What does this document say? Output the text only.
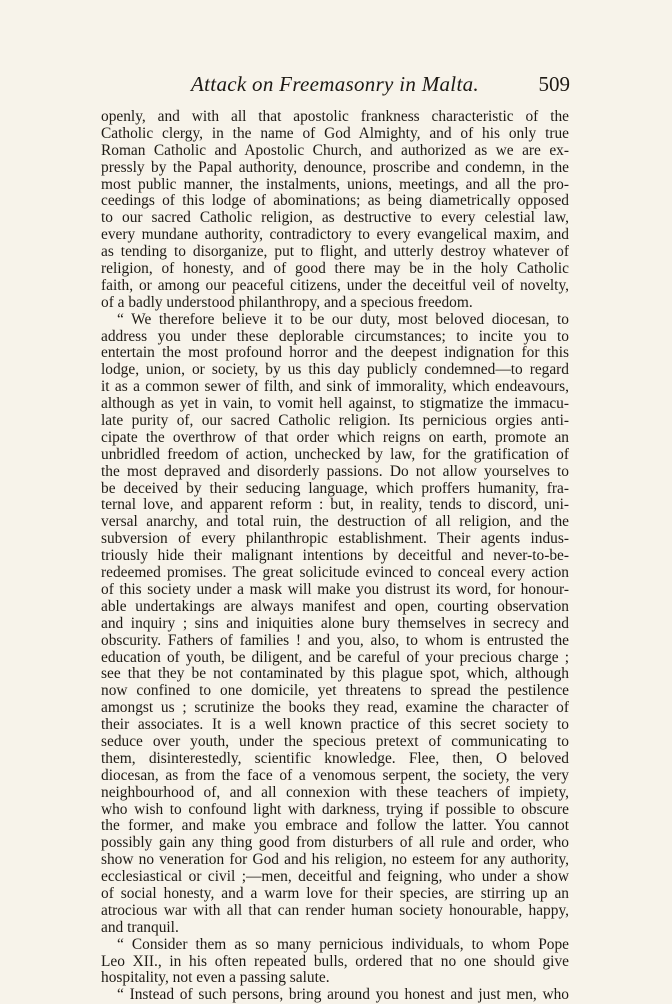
Attack on Freemasonry in Malta.	509
openly, and with all that apostolic frankness characteristic of the
Catholic clergy, in the name of God Almighty, and of his only true
Roman Catholic and Apostolic Church, and authorized as we are ex-
pressly by the Papal authority, denounce, proscribe and condemn, in the
most public manner, the instalments, unions, meetings, and all the pro-
ceedings of this lodge of abominations; as being diametrically opposed
to our sacred Catholic religion, as destructive to every celestial law,
every mundane authority, contradictory to every evangelical maxim, and
as tending to disorganize, put to flight, and utterly destroy whatever of
religion, of honesty, and of good there may be in the holy Catholic
faith, or among our peaceful citizens, under the deceitful veil of novelty,
of a badly understood philanthropy, and a specious freedom.
“ We therefore believe it to be our duty, most beloved diocesan, to
address you under these deplorable circumstances; to incite you to
entertain the most profound horror and the deepest indignation for this
lodge, union, or society, by us this day publicly condemned—to regard
it as a common sewer of filth, and sink of immorality, which endeavours,
although as yet in vain, to vomit hell against, to stigmatize the immacu-
late purity of, our sacred Catholic religion. Its pernicious orgies anti-
cipate the overthrow of that order which reigns on earth, promote an
unbridled freedom of action, unchecked by law, for the gratification of
the most depraved and disorderly passions. Do not allow yourselves to
be deceived by their seducing language, which proffers humanity, fra-
ternal love, and apparent reform : but, in reality, tends to discord, uni-
versal anarchy, and total ruin, the destruction of all religion, and the
subversion of every philanthropic establishment. Their agents indus-
triously hide their malignant intentions by deceitful and never-to-be-
redeemed promises. The great solicitude evinced to conceal every action
of this society under a mask will make you distrust its word, for honour-
able undertakings are always manifest and open, courting observation
and inquiry ; sins and iniquities alone bury themselves in secrecy and
obscurity. Fathers of families ! and you, also, to whom is entrusted the
education of youth, be diligent, and be careful of your precious charge ;
see that they be not contaminated by this plague spot, which, although
now confined to one domicile, yet threatens to spread the pestilence
amongst us ; scrutinize the books they read, examine the character of
their associates. It is a well known practice of this secret society to
seduce over youth, under the specious pretext of communicating to
them, disinterestedly, scientific knowledge. Flee, then, O beloved
diocesan, as from the face of a venomous serpent, the society, the very
neighbourhood of, and all connexion with these teachers of impiety,
who wish to confound light with darkness, trying if possible to obscure
the former, and make you embrace and follow the latter. You cannot
possibly gain any thing good from disturbers of all rule and order, who
show no veneration for God and his religion, no esteem for any authority,
ecclesiastical or civil ;—men, deceitful and feigning, who under a show
of social honesty, and a warm love for their species, are stirring up an
atrocious war with all that can render human society honourable, happy,
and tranquil.
“ Consider them as so many pernicious individuals, to whom Pope
Leo XII., in his often repeated bulls, ordered that no one should give
hospitality, not even a passing salute.
“ Instead of such persons, bring around you honest and just men, who
